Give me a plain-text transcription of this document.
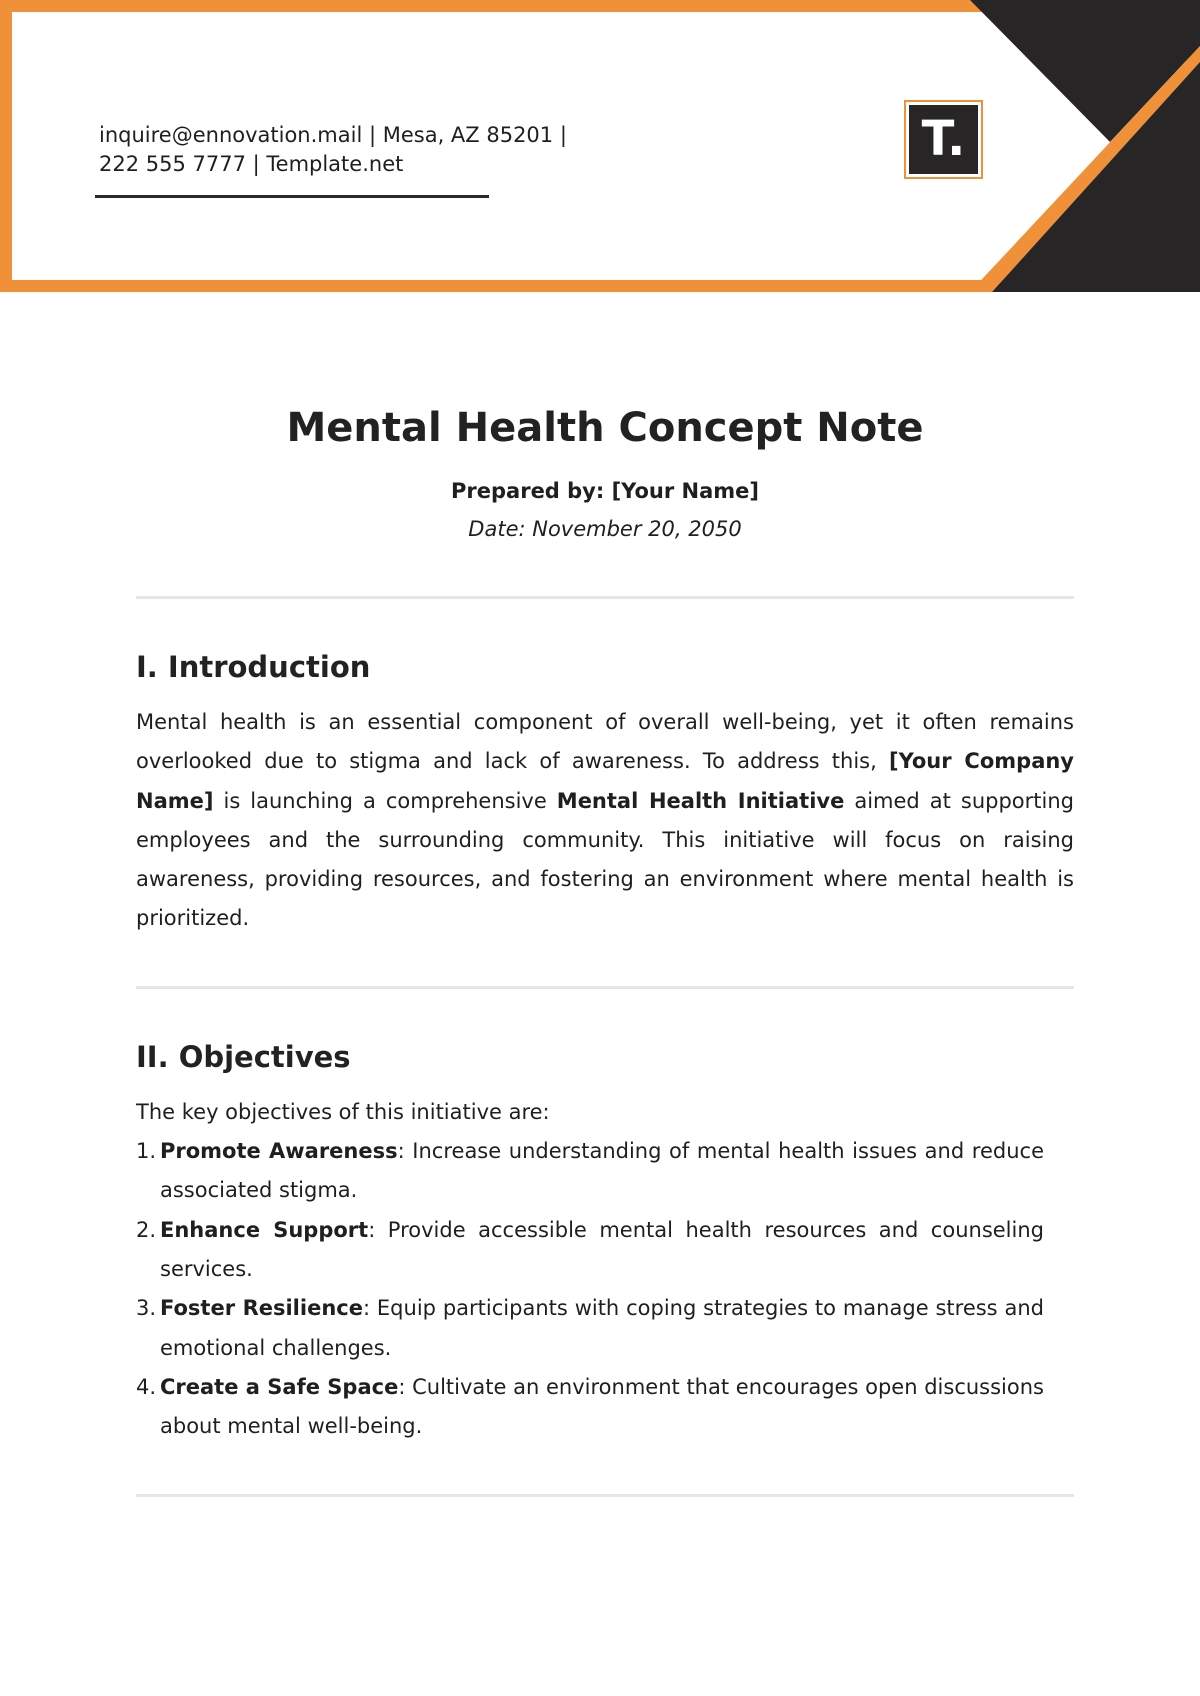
inquire@ennovation.mail | Mesa, AZ 85201 |
222 555 7777 | Template.net	T.
Mental Health Concept Note
Prepared by: [Your Name]
Date: November 20, 2050
I. Introduction

Mental health is an essential component of overall well-being, yet it often remains overlooked due to stigma and lack of awareness. To address this, [Your Company Name] is launching a comprehensive Mental Health Initiative aimed at supporting employees and the surrounding community. This initiative will focus on raising awareness, providing resources, and fostering an environment where mental health is prioritized.

II. Objectives

The key objectives of this initiative are:

1. Promote Awareness: Increase understanding of mental health issues and reduce associated stigma.
2. Enhance Support: Provide accessible mental health resources and counseling services.
3. Foster Resilience: Equip participants with coping strategies to manage stress and emotional challenges.
4. Create a Safe Space: Cultivate an environment that encourages open discussions about mental well-being.
